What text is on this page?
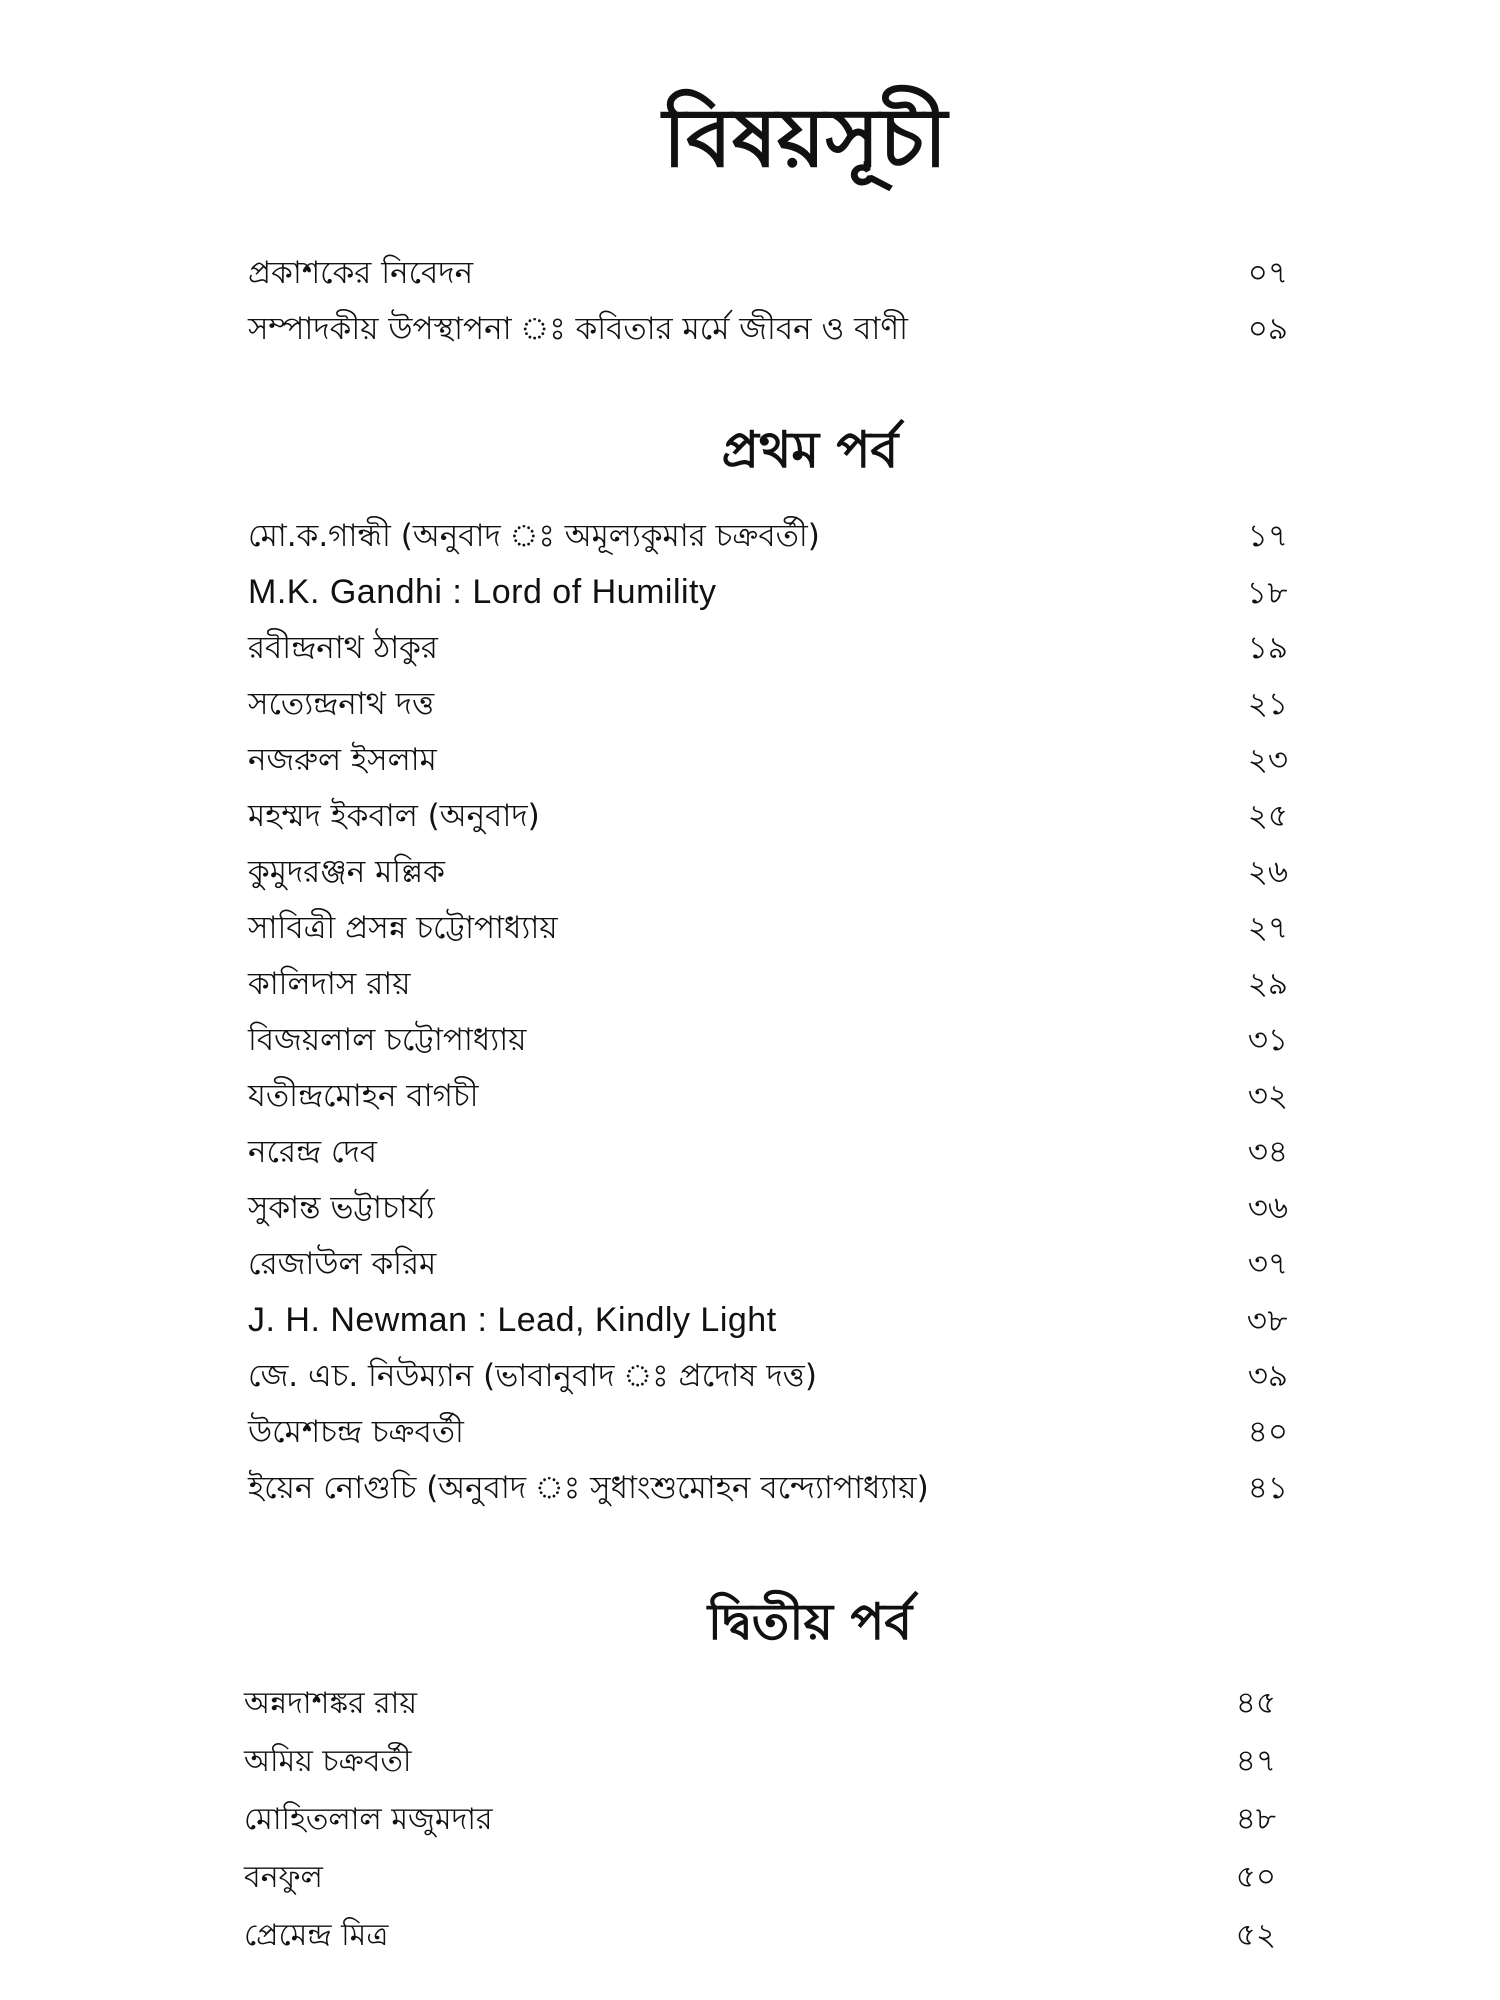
বিষয়সূচী
প্রকাশকের নিবেদন	০৭
সম্পাদকীয় উপস্থাপনা ঃ কবিতার মর্মে জীবন ও বাণী	০৯
প্রথম পর্ব
মো.ক.গান্ধী (অনুবাদ ঃ অমূল্যকুমার চক্রবর্তী)	১৭
M.K. Gandhi : Lord of Humility	১৮
রবীন্দ্রনাথ ঠাকুর	১৯
সত্যেন্দ্রনাথ দত্ত	২১
নজরুল ইসলাম	২৩
মহম্মদ ইকবাল (অনুবাদ)	২৫
কুমুদরঞ্জন মল্লিক	২৬
সাবিত্রী প্রসন্ন চট্টোপাধ্যায়	২৭
কালিদাস রায়	২৯
বিজয়লাল চট্টোপাধ্যায়	৩১
যতীন্দ্রমোহন বাগচী	৩২
নরেন্দ্র দেব	৩৪
সুকান্ত ভট্টাচার্য্য	৩৬
রেজাউল করিম	৩৭
J. H. Newman : Lead, Kindly Light	৩৮
জে. এচ. নিউম্যান (ভাবানুবাদ ঃ প্রদোষ দত্ত)	৩৯
উমেশচন্দ্র চক্রবর্তী	৪০
ইয়েন নোগুচি (অনুবাদ ঃ সুধাংশুমোহন বন্দ্যোপাধ্যায়)	৪১
দ্বিতীয় পর্ব
অন্নদাশঙ্কর রায়	৪৫
অমিয় চক্রবর্তী	৪৭
মোহিতলাল মজুমদার	৪৮
বনফুল	৫০
প্রেমেন্দ্র মিত্র	৫২
